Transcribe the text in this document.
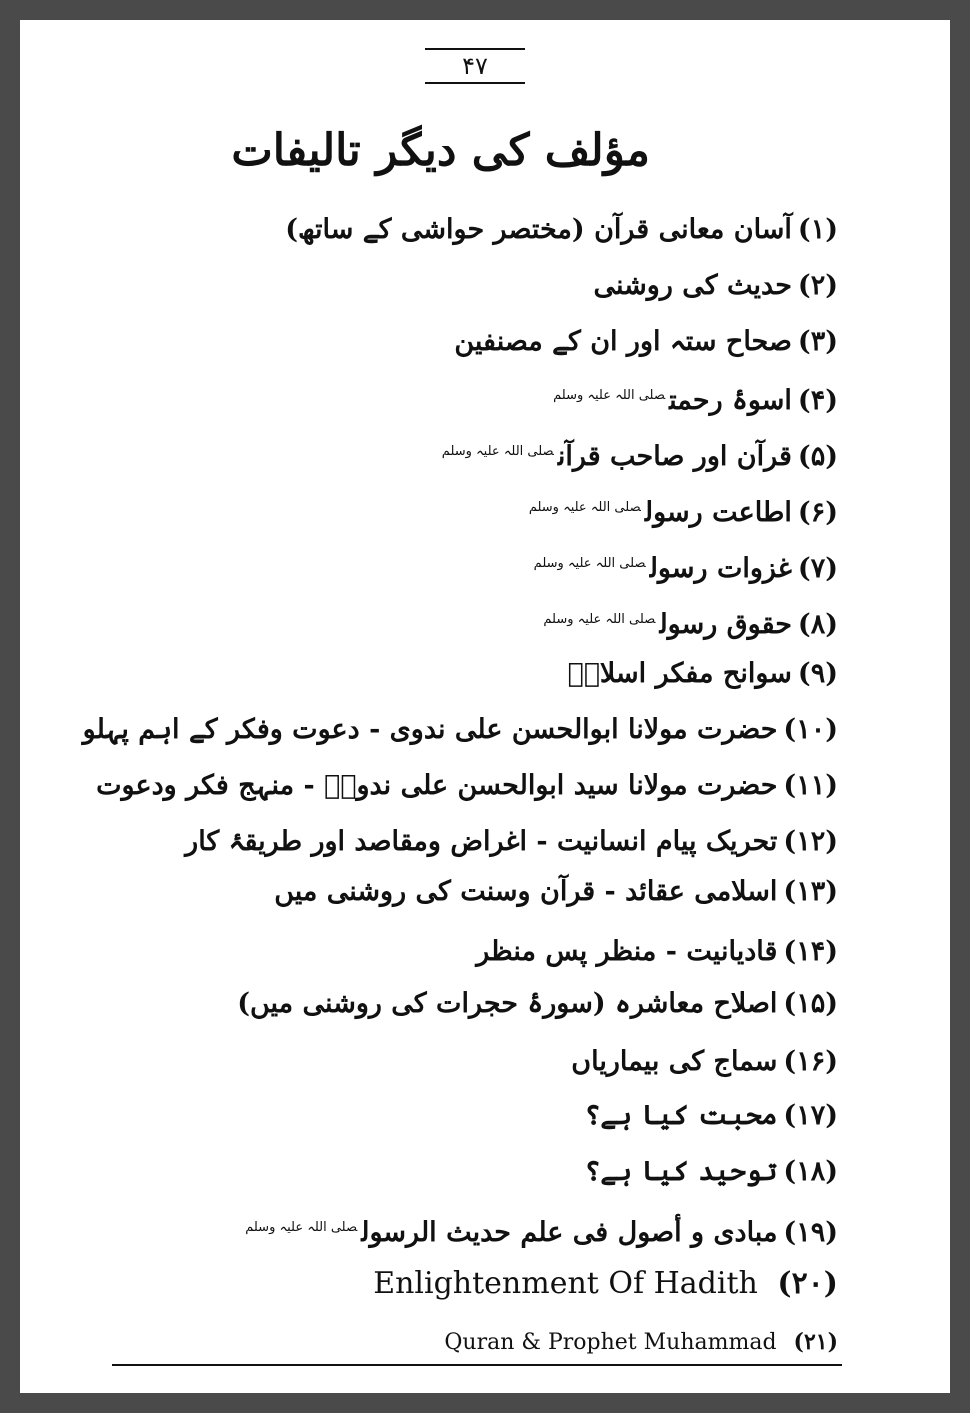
۴۷
مؤلف کی دیگر تالیفات
(۱)آسان معانی قرآن (مختصر حواشی کے ساتھ)
(۲)حدیث کی روشنی
(۳)صحاح ستہ اور ان کے مصنفین
(۴)اسوۂ رحمت$^{صلی اللہ علیہ وسلم}$
(۵)قرآن اور صاحب قرآن$^{صلی اللہ علیہ وسلم}$
(۶)اطاعت رسول$^{صلی اللہ علیہ وسلم}$
(۷)غزوات رسول$^{صلی اللہ علیہ وسلم}$
(۸)حقوق رسول$^{صلی اللہ علیہ وسلم}$
(۹)سوانح مفکر اسلامؒ
(۱۰)حضرت مولانا ابوالحسن علی ندوی - دعوت وفکر کے اہم پہلو
(۱۱)حضرت مولانا سید ابوالحسن علی ندویؒ - منہج فکر ودعوت
(۱۲)تحریک پیام انسانیت - اغراض ومقاصد اور طریقۂ کار
(۱۳)اسلامی عقائد - قرآن وسنت کی روشنی میں
(۱۴)قادیانیت - منظر پس منظر
(۱۵)اصلاح معاشرہ (سورۂ حجرات کی روشنی میں)
(۱۶)سماج کی بیماریاں
(۱۷)محبت کیا ہے؟
(۱۸)توحید کیا ہے؟
(۱۹)مبادی و أصول فی علم حدیث الرسول$^{صلی اللہ علیہ وسلم}$
Enlightenment Of Hadith (۲۰)
Quran & Prophet Muhammad (۲۱)
